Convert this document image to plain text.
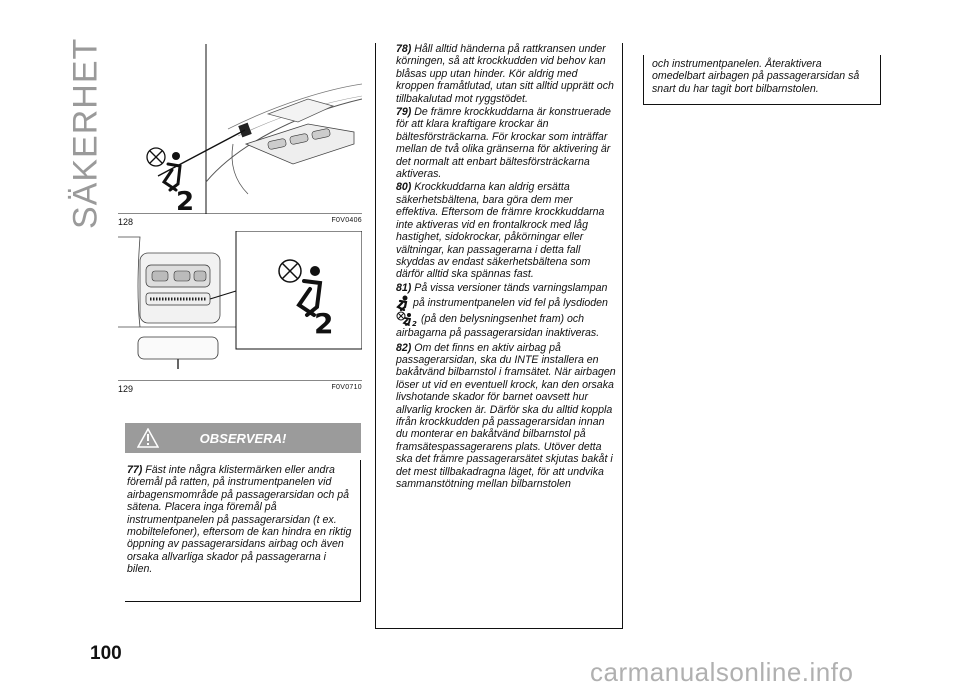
SÄKERHET	2
128	F0V0406
2
129	F0V0710
OBSERVERA!

77) Fäst inte några klistermärken eller andra föremål på ratten, på instrumentpanelen vid airbagensmområde på passagerarsidan och på sätena. Placera inga föremål på instrumentpanelen på passagerarsidan (t ex. mobiltelefoner), eftersom de kan hindra en riktig öppning av passagerarsidans airbag och även orsaka allvarliga skador på passagerarna i bilen.

78) Håll alltid händerna på rattkransen under körningen, så att krockkudden vid behov kan blåsas upp utan hinder. Kör aldrig med kroppen framåtlutad, utan sitt alltid upprätt och tillbakalutad mot ryggstödet.

79) De främre krockkuddarna är konstruerade för att klara kraftigare krockar än bältesförsträckarna. För krockar som inträffar mellan de två olika gränserna för aktivering är det normalt att enbart bältesförsträckarna aktiveras.

80) Krockkuddarna kan aldrig ersätta säkerhetsbältena, bara göra dem mer effektiva. Eftersom de främre krockkuddarna inte aktiveras vid en frontalkrock med låg hastighet, sidokrockar, påkörningar eller vältningar, kan passagerarna i detta fall skyddas av endast säkerhetsbältena som därför alltid ska spännas fast.

81) På vissa versioner tänds varningslampan  på instrumentpanelen vid fel på lysdioden
2 (på den belysningsenhet fram) och airbagarna på passagerarsidan inaktiveras.

82) Om det finns en aktiv airbag på passagerarsidan, ska du INTE installera en bakåtvänd bilbarnstol i framsätet. När airbagen löser ut vid en eventuell krock, kan den orsaka livshotande skador för barnet oavsett hur allvarlig krocken är. Därför ska du alltid koppla ifrån krockkudden på passagerarsidan innan du monterar en bakåtvänd bilbarnstol på framsätespassagerarens plats. Utöver detta ska det främre passagerarsätet skjutas bakåt i det mest tillbakadragna läget, för att undvika sammanstötning mellan bilbarnstolen

och instrumentpanelen. Återaktivera omedelbart airbagen på passagerarsidan så snart du har tagit bort bilbarnstolen.

100
carmanualsonline.info
